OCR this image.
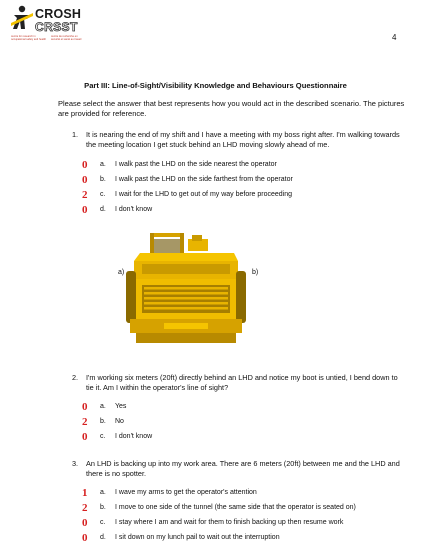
CROSH
CRSST
centre for research in occupational safety and health
centre de recherche en sécurité et santé au travail	4
Part III: Line-of-Sight/Visibility Knowledge and Behaviours Questionnaire
Please select the answer that best represents how you would act in the described scenario. The pictures are provided for reference.
1. It is nearing the end of my shift and I have a meeting with my boss right after. I'm walking towards the meeting location I get stuck behind an LHD moving slowly ahead of me.
0 a. I walk past the LHD on the side nearest the operator
0 b. I walk past the LHD on the side farthest from the operator
2 c. I wait for the LHD to get out of my way before proceeding
0 d. I don't know
a)	b)
2. I'm working six meters (20ft) directly behind an LHD and notice my boot is untied, I bend down to tie it. Am I within the operator's line of sight?
0 a. Yes
2 b. No
0 c. I don't know
3. An LHD is backing up into my work area. There are 6 meters (20ft) between me and the LHD and there is no spotter.
1 a. I wave my arms to get the operator's attention
2 b. I move to one side of the tunnel (the same side that the operator is seated on)
0 c. I stay where I am and wait for them to finish backing up then resume work
0 d. I sit down on my lunch pail to wait out the interruption
